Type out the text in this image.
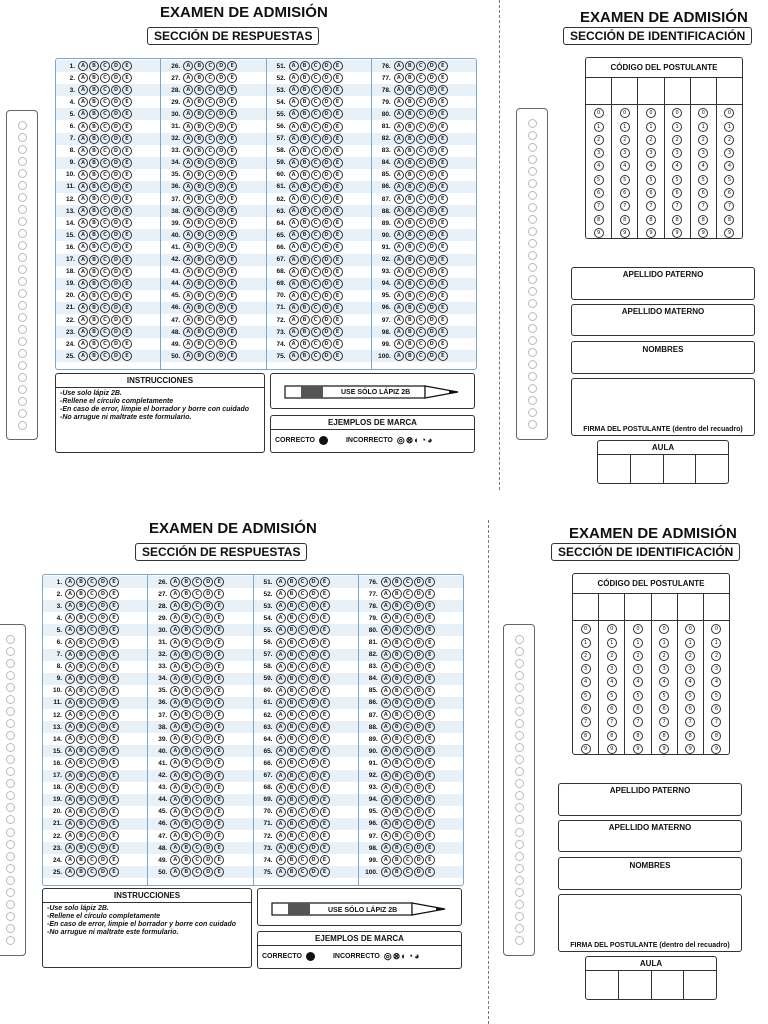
EXAMEN DE ADMISIÓN
SECCIÓN DE RESPUESTAS
1.	A	B	C	D	E
2.	A	B	C	D	E
3.	A	B	C	D	E
4.	A	B	C	D	E
5.	A	B	C	D	E
6.	A	B	C	D	E
7.	A	B	C	D	E
8.	A	B	C	D	E
9.	A	B	C	D	E
10.	A	B	C	D	E
11.	A	B	C	D	E
12.	A	B	C	D	E
13.	A	B	C	D	E
14.	A	B	C	D	E
15.	A	B	C	D	E
16.	A	B	C	D	E
17.	A	B	C	D	E
18.	A	B	C	D	E
19.	A	B	C	D	E
20.	A	B	C	D	E
21.	A	B	C	D	E
22.	A	B	C	D	E
23.	A	B	C	D	E
24.	A	B	C	D	E
25.	A	B	C	D	E
26.	A	B	C	D	E
27.	A	B	C	D	E
28.	A	B	C	D	E
29.	A	B	C	D	E
30.	A	B	C	D	E
31.	A	B	C	D	E
32.	A	B	C	D	E
33.	A	B	C	D	E
34.	A	B	C	D	E
35.	A	B	C	D	E
36.	A	B	C	D	E
37.	A	B	C	D	E
38.	A	B	C	D	E
39.	A	B	C	D	E
40.	A	B	C	D	E
41.	A	B	C	D	E
42.	A	B	C	D	E
43.	A	B	C	D	E
44.	A	B	C	D	E
45.	A	B	C	D	E
46.	A	B	C	D	E
47.	A	B	C	D	E
48.	A	B	C	D	E
49.	A	B	C	D	E
50.	A	B	C	D	E
51.	A	B	C	D	E
52.	A	B	C	D	E
53.	A	B	C	D	E
54.	A	B	C	D	E
55.	A	B	C	D	E
56.	A	B	C	D	E
57.	A	B	C	D	E
58.	A	B	C	D	E
59.	A	B	C	D	E
60.	A	B	C	D	E
61.	A	B	C	D	E
62.	A	B	C	D	E
63.	A	B	C	D	E
64.	A	B	C	D	E
65.	A	B	C	D	E
66.	A	B	C	D	E
67.	A	B	C	D	E
68.	A	B	C	D	E
69.	A	B	C	D	E
70.	A	B	C	D	E
71.	A	B	C	D	E
72.	A	B	C	D	E
73.	A	B	C	D	E
74.	A	B	C	D	E
75.	A	B	C	D	E
76.	A	B	C	D	E
77.	A	B	C	D	E
78.	A	B	C	D	E
79.	A	B	C	D	E
80.	A	B	C	D	E
81.	A	B	C	D	E
82.	A	B	C	D	E
83.	A	B	C	D	E
84.	A	B	C	D	E
85.	A	B	C	D	E
86.	A	B	C	D	E
87.	A	B	C	D	E
88.	A	B	C	D	E
89.	A	B	C	D	E
90.	A	B	C	D	E
91.	A	B	C	D	E
92.	A	B	C	D	E
93.	A	B	C	D	E
94.	A	B	C	D	E
95.	A	B	C	D	E
96.	A	B	C	D	E
97.	A	B	C	D	E
98.	A	B	C	D	E
99.	A	B	C	D	E
100.	A	B	C	D	E
INSTRUCCIONES
-Use solo lápiz 2B.
-Rellene el círculo completamente
-En caso de error, limpie el borrador y borre con cuidado
-No arrugue ni maltrate este formulario.
USE SÓLO LÁPIZ 2B
EJEMPLOS DE MARCA
CORRECTO	INCORRECTO ◎⊗◐◔◕
EXAMEN DE ADMISIÓN
SECCIÓN DE IDENTIFICACIÓN
CÓDIGO DEL POSTULANTE
0
1
2
3
4
5
6
7
8
9
0
1
2
3
4
5
6
7
8
9
0
1
2
3
4
5
6
7
8
9
0
1
2
3
4
5
6
7
8
9
0
1
2
3
4
5
6
7
8
9
0
1
2
3
4
5
6
7
8
9
APELLIDO PATERNO
APELLIDO MATERNO
NOMBRES
FIRMA DEL POSTULANTE (dentro del recuadro)
AULA
EXAMEN DE ADMISIÓN
SECCIÓN DE RESPUESTAS
1.	A	B	C	D	E
2.	A	B	C	D	E
3.	A	B	C	D	E
4.	A	B	C	D	E
5.	A	B	C	D	E
6.	A	B	C	D	E
7.	A	B	C	D	E
8.	A	B	C	D	E
9.	A	B	C	D	E
10.	A	B	C	D	E
11.	A	B	C	D	E
12.	A	B	C	D	E
13.	A	B	C	D	E
14.	A	B	C	D	E
15.	A	B	C	D	E
16.	A	B	C	D	E
17.	A	B	C	D	E
18.	A	B	C	D	E
19.	A	B	C	D	E
20.	A	B	C	D	E
21.	A	B	C	D	E
22.	A	B	C	D	E
23.	A	B	C	D	E
24.	A	B	C	D	E
25.	A	B	C	D	E
26.	A	B	C	D	E
27.	A	B	C	D	E
28.	A	B	C	D	E
29.	A	B	C	D	E
30.	A	B	C	D	E
31.	A	B	C	D	E
32.	A	B	C	D	E
33.	A	B	C	D	E
34.	A	B	C	D	E
35.	A	B	C	D	E
36.	A	B	C	D	E
37.	A	B	C	D	E
38.	A	B	C	D	E
39.	A	B	C	D	E
40.	A	B	C	D	E
41.	A	B	C	D	E
42.	A	B	C	D	E
43.	A	B	C	D	E
44.	A	B	C	D	E
45.	A	B	C	D	E
46.	A	B	C	D	E
47.	A	B	C	D	E
48.	A	B	C	D	E
49.	A	B	C	D	E
50.	A	B	C	D	E
51.	A	B	C	D	E
52.	A	B	C	D	E
53.	A	B	C	D	E
54.	A	B	C	D	E
55.	A	B	C	D	E
56.	A	B	C	D	E
57.	A	B	C	D	E
58.	A	B	C	D	E
59.	A	B	C	D	E
60.	A	B	C	D	E
61.	A	B	C	D	E
62.	A	B	C	D	E
63.	A	B	C	D	E
64.	A	B	C	D	E
65.	A	B	C	D	E
66.	A	B	C	D	E
67.	A	B	C	D	E
68.	A	B	C	D	E
69.	A	B	C	D	E
70.	A	B	C	D	E
71.	A	B	C	D	E
72.	A	B	C	D	E
73.	A	B	C	D	E
74.	A	B	C	D	E
75.	A	B	C	D	E
76.	A	B	C	D	E
77.	A	B	C	D	E
78.	A	B	C	D	E
79.	A	B	C	D	E
80.	A	B	C	D	E
81.	A	B	C	D	E
82.	A	B	C	D	E
83.	A	B	C	D	E
84.	A	B	C	D	E
85.	A	B	C	D	E
86.	A	B	C	D	E
87.	A	B	C	D	E
88.	A	B	C	D	E
89.	A	B	C	D	E
90.	A	B	C	D	E
91.	A	B	C	D	E
92.	A	B	C	D	E
93.	A	B	C	D	E
94.	A	B	C	D	E
95.	A	B	C	D	E
96.	A	B	C	D	E
97.	A	B	C	D	E
98.	A	B	C	D	E
99.	A	B	C	D	E
100.	A	B	C	D	E
INSTRUCCIONES
-Use solo lápiz 2B.
-Rellene el círculo completamente
-En caso de error, limpie el borrador y borre con cuidado
-No arrugue ni maltrate este formulario.
USE SÓLO LÁPIZ 2B
EJEMPLOS DE MARCA
CORRECTO	INCORRECTO ◎⊗◐◔◕
EXAMEN DE ADMISIÓN
SECCIÓN DE IDENTIFICACIÓN
CÓDIGO DEL POSTULANTE
0
1
2
3
4
5
6
7
8
9
0
1
2
3
4
5
6
7
8
9
0
1
2
3
4
5
6
7
8
9
0
1
2
3
4
5
6
7
8
9
0
1
2
3
4
5
6
7
8
9
0
1
2
3
4
5
6
7
8
9
APELLIDO PATERNO
APELLIDO MATERNO
NOMBRES
FIRMA DEL POSTULANTE (dentro del recuadro)
AULA
